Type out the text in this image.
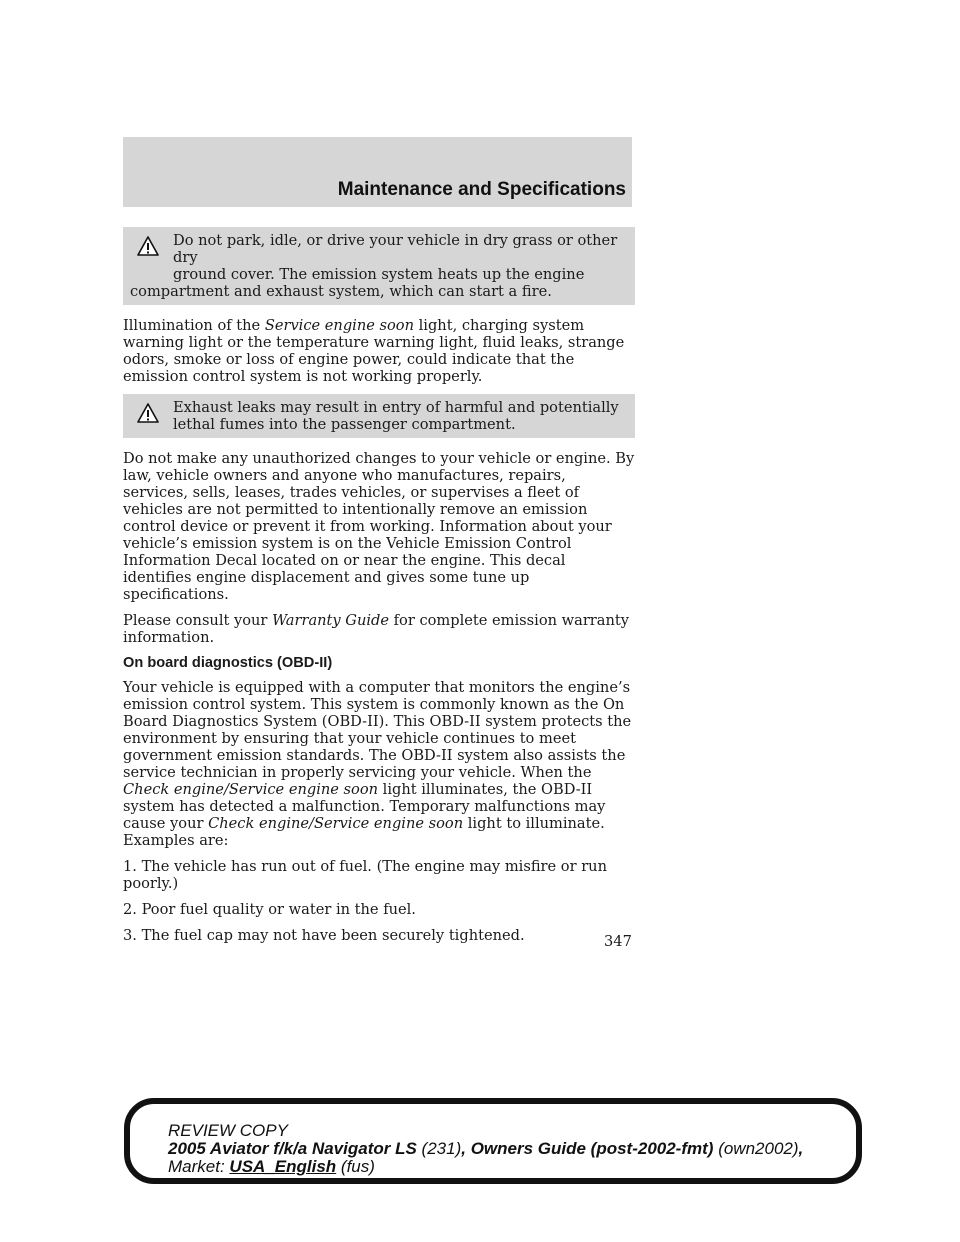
Maintenance and Specifications

Do not park, idle, or drive your vehicle in dry grass or other dry

ground cover. The emission system heats up the engine

compartment and exhaust system, which can start a fire.

Illumination of the Service engine soon light, charging system warning light or the temperature warning light, fluid leaks, strange odors, smoke or loss of engine power, could indicate that the emission control system is not working properly.

Exhaust leaks may result in entry of harmful and potentially

lethal fumes into the passenger compartment.

Do not make any unauthorized changes to your vehicle or engine. By law, vehicle owners and anyone who manufactures, repairs, services, sells, leases, trades vehicles, or supervises a fleet of vehicles are not permitted to intentionally remove an emission control device or prevent it from working. Information about your vehicle’s emission system is on the Vehicle Emission Control Information Decal located on or near the engine. This decal identifies engine displacement and gives some tune up specifications.

Please consult your Warranty Guide for complete emission warranty information.

On board diagnostics (OBD-II)

Your vehicle is equipped with a computer that monitors the engine’s emission control system. This system is commonly known as the On Board Diagnostics System (OBD-II). This OBD-II system protects the environment by ensuring that your vehicle continues to meet government emission standards. The OBD-II system also assists the service technician in properly servicing your vehicle. When the Check engine/Service engine soon light illuminates, the OBD-II system has detected a malfunction. Temporary malfunctions may cause your Check engine/Service engine soon light to illuminate. Examples are:

1. The vehicle has run out of fuel. (The engine may misfire or run poorly.)

2. Poor fuel quality or water in the fuel.

3. The fuel cap may not have been securely tightened.	347
REVIEW COPY
2005 Aviator f/k/a Navigator LS (231), Owners Guide (post-2002-fmt) (own2002),
Market: USA_English (fus)
